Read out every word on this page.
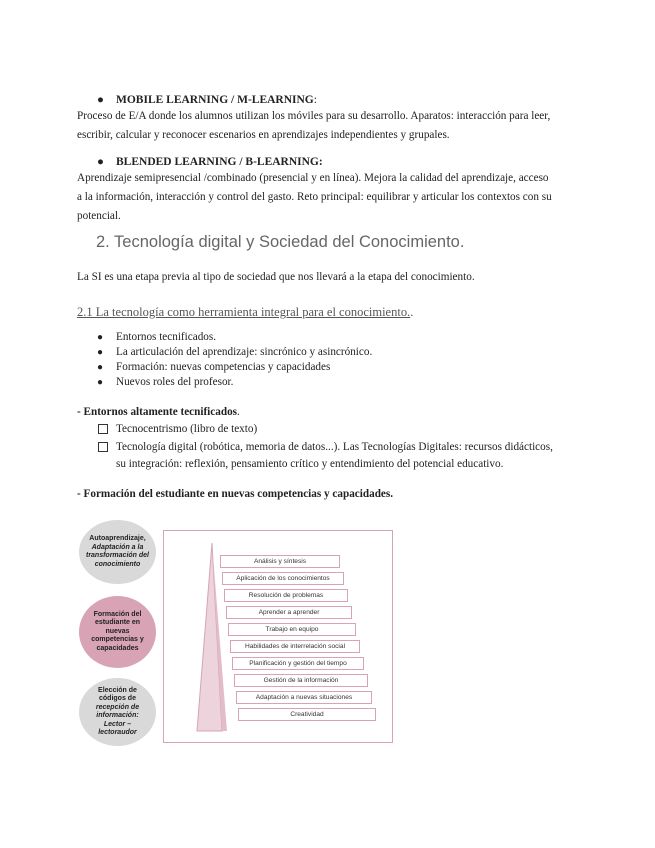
● MOBILE LEARNING / M-LEARNING:
Proceso de E/A donde los alumnos utilizan los móviles para su desarrollo. Aparatos: interacción para leer,
escribir, calcular y reconocer escenarios en aprendizajes independientes y grupales.
● BLENDED LEARNING / B-LEARNING:
Aprendizaje semipresencial /combinado (presencial y en línea). Mejora la calidad del aprendizaje, acceso
a la información, interacción y control del gasto. Reto principal: equilibrar y articular los contextos con su
potencial.
2. Tecnología digital y Sociedad del Conocimiento.
La SI es una etapa previa al tipo de sociedad que nos llevará a la etapa del conocimiento.
2.1 La tecnología como herramienta integral para el conocimiento..
● Entornos tecnificados.
● La articulación del aprendizaje: sincrónico y asincrónico.
● Formación: nuevas competencias y capacidades
● Nuevos roles del profesor.
- Entornos altamente tecnificados.
Tecnocentrismo (libro de texto)
Tecnología digital (robótica, memoria de datos...). Las Tecnologías Digitales: recursos didácticos,
su integración: reflexión, pensamiento crítico y entendimiento del potencial educativo.
- Formación del estudiante en nuevas competencias y capacidades.
Autoaprendizaje,
Adaptación a la transformación del conocimiento
Formación del estudiante en nuevas competencias y capacidades
Elección de códigos de
recepción de información: Lector – lectoraudor
Análisis y síntesis
Aplicación de los conocimientos
Resolución de problemas
Aprender a aprender
Trabajo en equipo
Habilidades de interrelación social
Planificación y gestión del tiempo
Gestión de la información
Adaptación a nuevas situaciones
Creatividad
